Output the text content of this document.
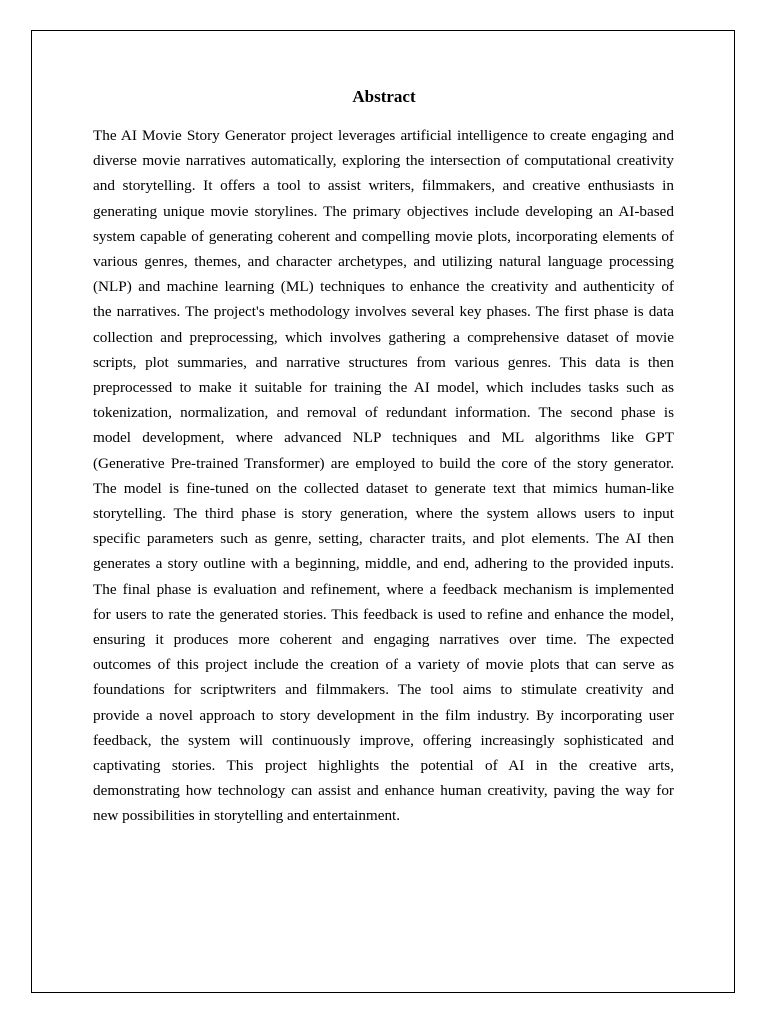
Abstract

The AI Movie Story Generator project leverages artificial intelligence to create engaging and
diverse movie narratives automatically, exploring the intersection of computational creativity
and storytelling. It offers a tool to assist writers, filmmakers, and creative enthusiasts in
generating unique movie storylines. The primary objectives include developing an AI-based
system capable of generating coherent and compelling movie plots, incorporating elements of
various genres, themes, and character archetypes, and utilizing natural language processing
(NLP) and machine learning (ML) techniques to enhance the creativity and authenticity of
the narratives. The project's methodology involves several key phases. The first phase is data
collection and preprocessing, which involves gathering a comprehensive dataset of movie
scripts, plot summaries, and narrative structures from various genres. This data is then
preprocessed to make it suitable for training the AI model, which includes tasks such as
tokenization, normalization, and removal of redundant information. The second phase is
model development, where advanced NLP techniques and ML algorithms like GPT
(Generative Pre-trained Transformer) are employed to build the core of the story generator.
The model is fine-tuned on the collected dataset to generate text that mimics human-like
storytelling. The third phase is story generation, where the system allows users to input
specific parameters such as genre, setting, character traits, and plot elements. The AI then
generates a story outline with a beginning, middle, and end, adhering to the provided inputs.
The final phase is evaluation and refinement, where a feedback mechanism is implemented
for users to rate the generated stories. This feedback is used to refine and enhance the model,
ensuring it produces more coherent and engaging narratives over time. The expected
outcomes of this project include the creation of a variety of movie plots that can serve as
foundations for scriptwriters and filmmakers. The tool aims to stimulate creativity and
provide a novel approach to story development in the film industry. By incorporating user
feedback, the system will continuously improve, offering increasingly sophisticated and
captivating stories. This project highlights the potential of AI in the creative arts,
demonstrating how technology can assist and enhance human creativity, paving the way for
new possibilities in storytelling and entertainment.
